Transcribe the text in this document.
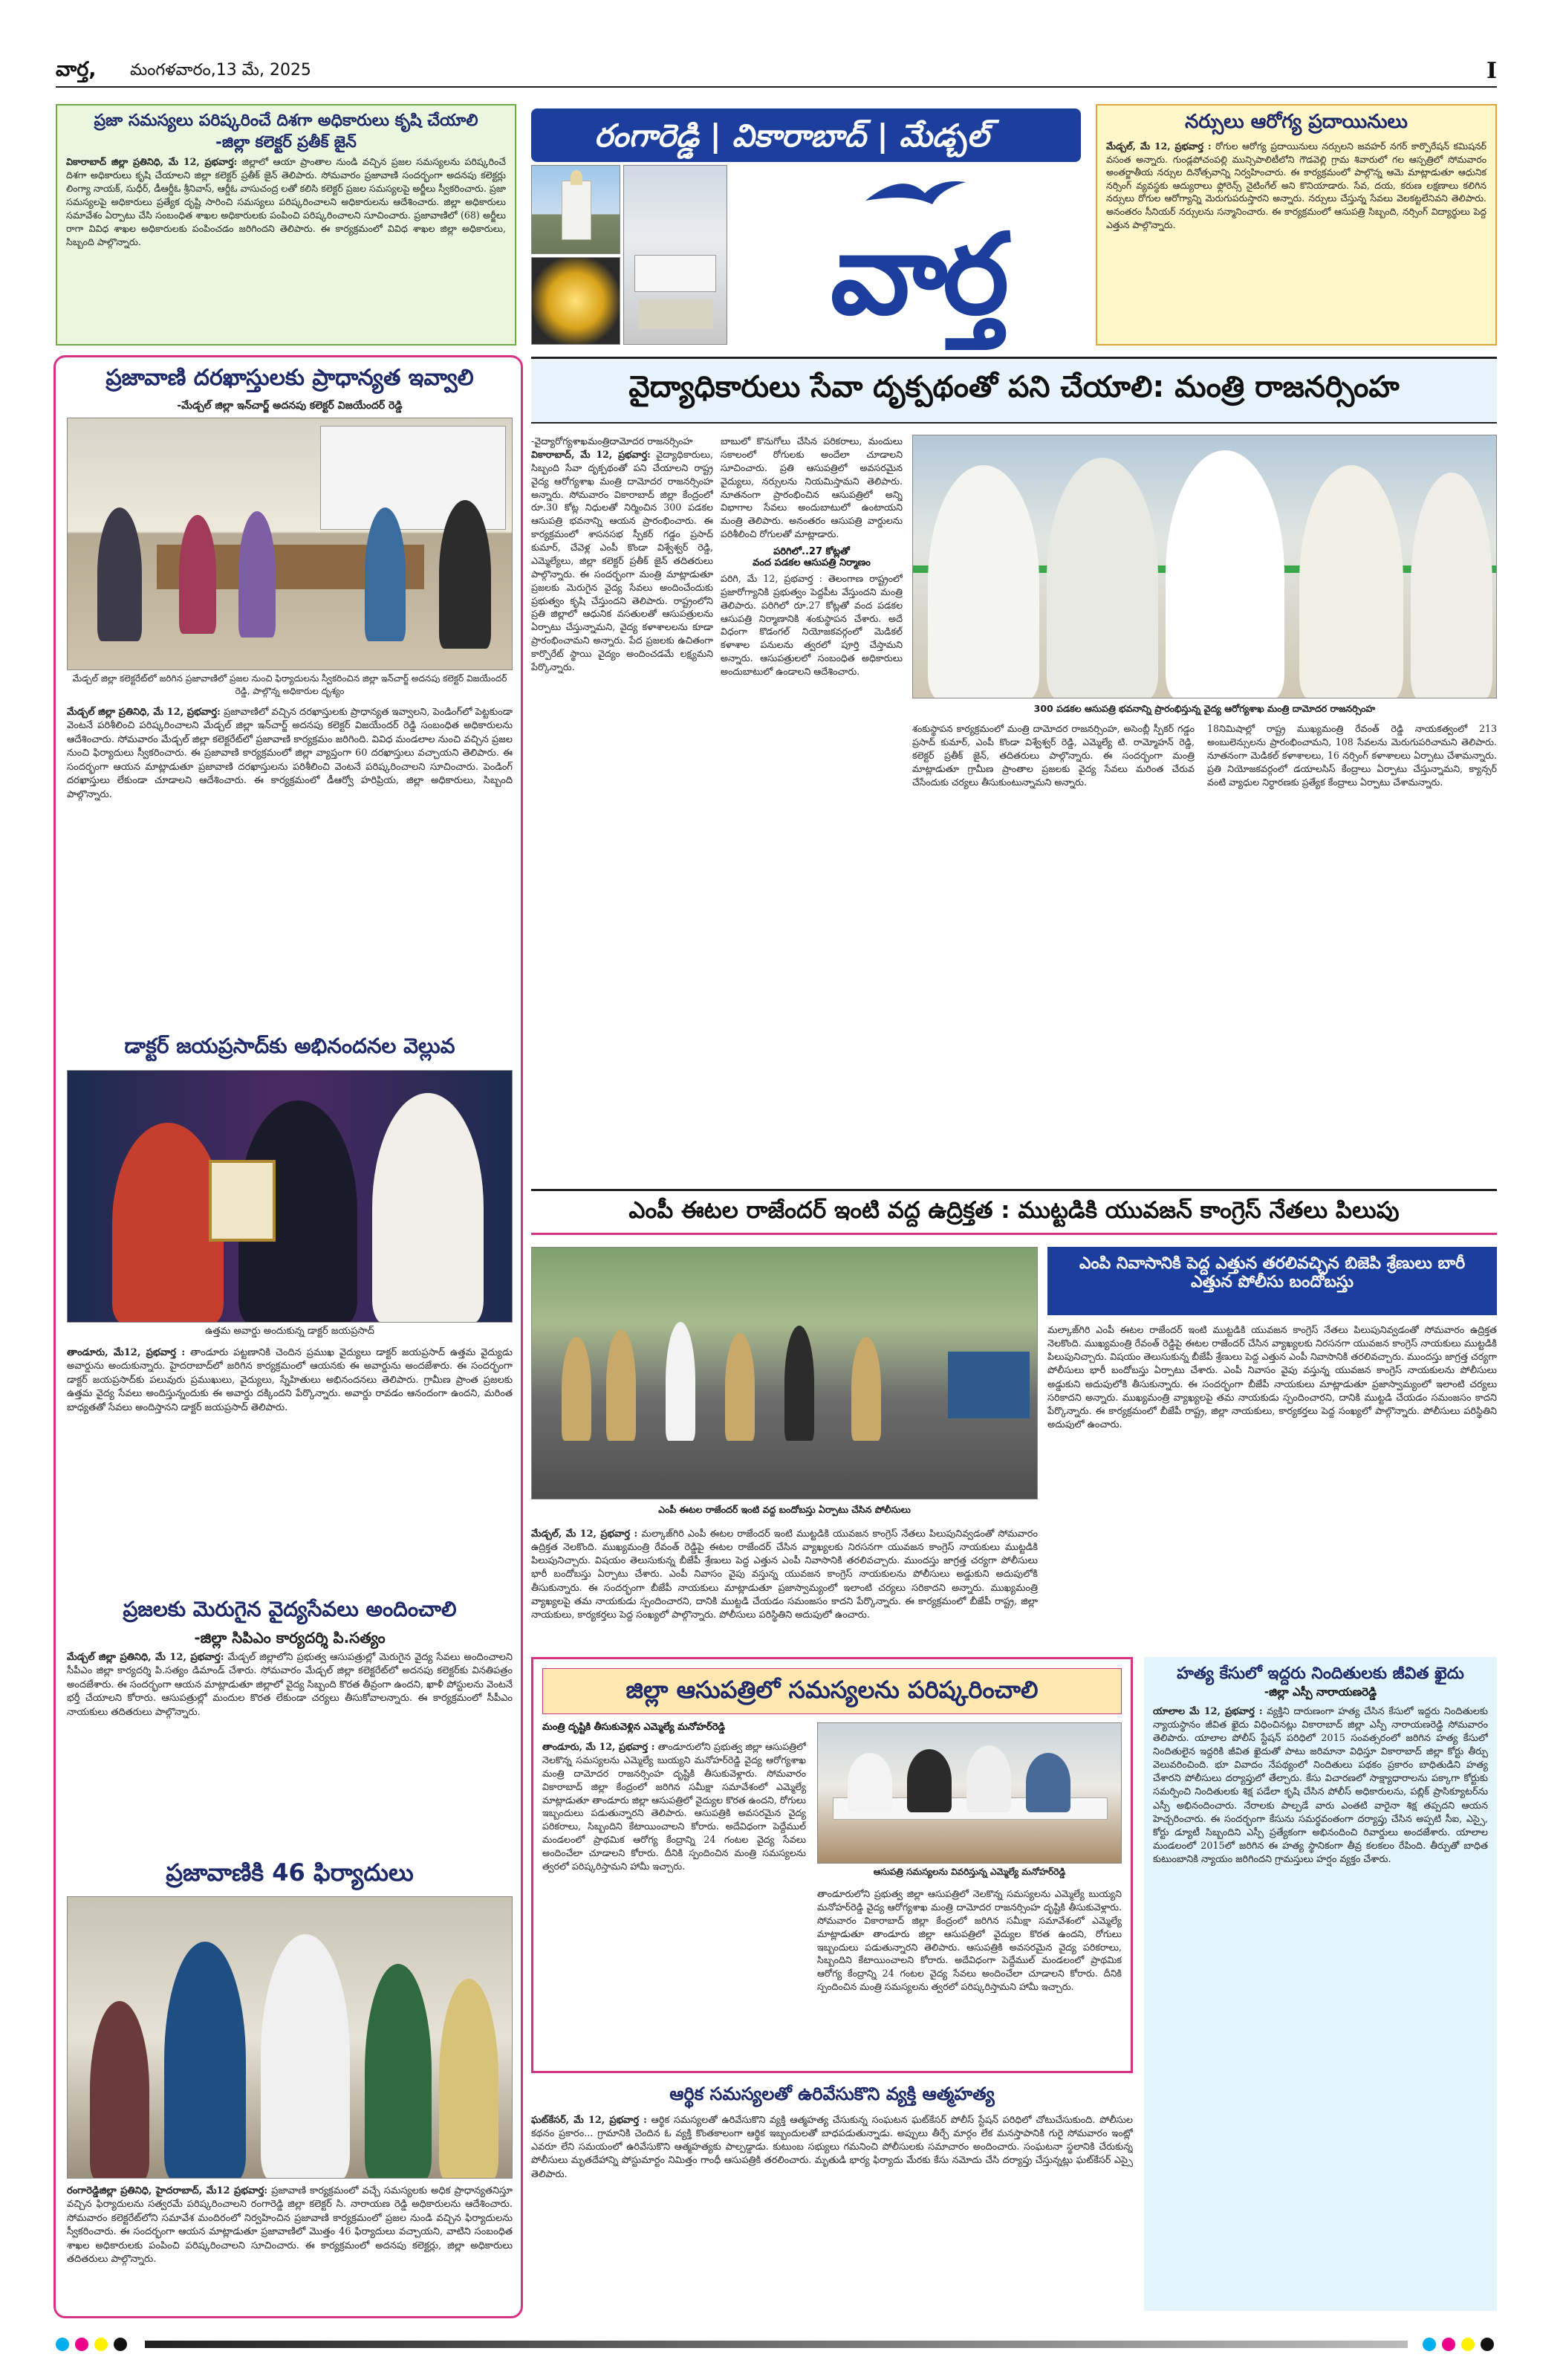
వార్త, మంగళవారం,13 మే, 2025	I
ప్రజా సమస్యలు పరిష్కరించే దిశగా అధికారులు కృషి చేయాలి

-జిల్లా కలెక్టర్ ప్రతీక్ జైన్

వికారాబాద్ జిల్లా ప్రతినిధి, మే 12, ప్రభవార్త: జిల్లాలో ఆయా ప్రాంతాల నుండి వచ్చిన ప్రజల సమస్యలను పరిష్కరించే దిశగా అధికారులు కృషి చేయాలని జిల్లా కలెక్టర్ ప్రతీక్ జైన్ తెలిపారు. సోమవారం ప్రజావాణి సందర్భంగా అదనపు కలెక్టర్లు లింగ్యా నాయక్, సుధీర్, డీఆర్డీఓ శ్రీనివాస్, ఆర్డీఓ వాసుచంద్ర లతో కలిసి కలెక్టర్ ప్రజల సమస్యలపై అర్జీలు స్వీకరించారు. ప్రజా సమస్యలపై అధికారులు ప్రత్యేక దృష్టి సారించి సమస్యలు పరిష్కరించాలని అధికారులను ఆదేశించారు. జిల్లా అధికారులు సమావేశం ఏర్పాటు చేసి సంబంధిత శాఖల అధికారులకు పంపించి పరిష్కరించాలని సూచించారు. ప్రజావాణిలో (68) అర్జీలు రాగా వివిధ శాఖల అధికారులకు పంపించడం జరిగిందని తెలిపారు. ఈ కార్యక్రమంలో వివిధ శాఖల జిల్లా అధికారులు, సిబ్బంది పాల్గొన్నారు.

రంగారెడ్డి | వికారాబాద్ | మేడ్చల్
వార్త
నర్సులు ఆరోగ్య ప్రదాయినులు

మేడ్చల్, మే 12, ప్రభవార్త : రోగుల ఆరోగ్య ప్రదాయినులు నర్సులని జవహర్ నగర్ కార్పొరేషన్ కమిషనర్ వసంత అన్నారు. గుండ్లపోచంపల్లి మున్సిపాలిటీలోని గౌడవెల్లి గ్రామ శివారులో గల ఆస్పత్రిలో సోమవారం అంతర్జాతీయ నర్సుల దినోత్సవాన్ని నిర్వహించారు. ఈ కార్యక్రమంలో పాల్గొన్న ఆమె మాట్లాడుతూ ఆధునిక నర్సింగ్ వ్యవస్థకు ఆద్యురాలు ఫ్లోరెన్స్ నైటింగేల్ అని కొనియాడారు. సేవ, దయ, కరుణ లక్షణాలు కలిగిన నర్సులు రోగుల ఆరోగ్యాన్ని మెరుగుపరుస్తారని అన్నారు. నర్సులు చేస్తున్న సేవలు వెలకట్టలేనివని తెలిపారు. అనంతరం సీనియర్ నర్సులను సన్మానించారు. ఈ కార్యక్రమంలో ఆసుపత్రి సిబ్బంది, నర్సింగ్ విద్యార్థులు పెద్ద ఎత్తున పాల్గొన్నారు.

ప్రజావాణి దరఖాస్తులకు ప్రాధాన్యత ఇవ్వాలి

-మేడ్చల్ జిల్లా ఇన్‌చార్జ్ అదనపు కలెక్టర్ విజయేందర్ రెడ్డి

మేడ్చల్ జిల్లా కలెక్టరేట్‌లో జరిగిన ప్రజావాణిలో ప్రజల నుంచి ఫిర్యాదులను స్వీకరించిన జిల్లా ఇన్‌చార్జ్ అదనపు కలెక్టర్ విజయేందర్ రెడ్డి, పాల్గొన్న అధికారుల దృశ్యం

మేడ్చల్ జిల్లా ప్రతినిధి, మే 12, ప్రభవార్త: ప్రజావాణిలో వచ్చిన దరఖాస్తులకు ప్రాధాన్యత ఇవ్వాలని, పెండింగ్‌లో పెట్టకుండా వెంటనే పరిశీలించి పరిష్కరించాలని మేడ్చల్ జిల్లా ఇన్‌చార్జ్ అదనపు కలెక్టర్ విజయేందర్ రెడ్డి సంబంధిత అధికారులను ఆదేశించారు. సోమవారం మేడ్చల్ జిల్లా కలెక్టరేట్‌లో ప్రజావాణి కార్యక్రమం జరిగింది. వివిధ మండలాల నుంచి వచ్చిన ప్రజల నుంచి ఫిర్యాదులు స్వీకరించారు. ఈ ప్రజావాణి కార్యక్రమంలో జిల్లా వ్యాప్తంగా 60 దరఖాస్తులు వచ్చాయని తెలిపారు. ఈ సందర్భంగా ఆయన మాట్లాడుతూ ప్రజావాణి దరఖాస్తులను పరిశీలించి వెంటనే పరిష్కరించాలని సూచించారు. పెండింగ్ దరఖాస్తులు లేకుండా చూడాలని ఆదేశించారు. ఈ కార్యక్రమంలో డీఆర్వో హరిప్రియ, జిల్లా అధికారులు, సిబ్బంది పాల్గొన్నారు.

డాక్టర్ జయప్రసాద్‌కు అభినందనల వెల్లువ

ఉత్తమ అవార్డు అందుకున్న డాక్టర్ జయప్రసాద్

తాండూరు, మే12, ప్రభవార్త : తాండూరు పట్టణానికి చెందిన ప్రముఖ వైద్యులు డాక్టర్ జయప్రసాద్ ఉత్తమ వైద్యుడు అవార్డును అందుకున్నారు. హైదరాబాద్‌లో జరిగిన కార్యక్రమంలో ఆయనకు ఈ అవార్డును అందజేశారు. ఈ సందర్భంగా డాక్టర్ జయప్రసాద్‌కు పలువురు ప్రముఖులు, వైద్యులు, స్నేహితులు అభినందనలు తెలిపారు. గ్రామీణ ప్రాంత ప్రజలకు ఉత్తమ వైద్య సేవలు అందిస్తున్నందుకు ఈ అవార్డు దక్కిందని పేర్కొన్నారు. అవార్డు రావడం ఆనందంగా ఉందని, మరింత బాధ్యతతో సేవలు అందిస్తానని డాక్టర్ జయప్రసాద్ తెలిపారు.

ప్రజలకు మెరుగైన వైద్యసేవలు అందించాలి

-జిల్లా సిపిఎం కార్యదర్శి పి.సత్యం

మేడ్చల్ జిల్లా ప్రతినిధి, మే 12, ప్రభవార్త: మేడ్చల్ జిల్లాలోని ప్రభుత్వ ఆసుపత్రుల్లో మెరుగైన వైద్య సేవలు అందించాలని సీపీఎం జిల్లా కార్యదర్శి పి.సత్యం డిమాండ్ చేశారు. సోమవారం మేడ్చల్ జిల్లా కలెక్టరేట్‌లో అదనపు కలెక్టర్‌కు వినతిపత్రం అందజేశారు. ఈ సందర్భంగా ఆయన మాట్లాడుతూ జిల్లాలో వైద్య సిబ్బంది కొరత తీవ్రంగా ఉందని, ఖాళీ పోస్టులను వెంటనే భర్తీ చేయాలని కోరారు. ఆసుపత్రుల్లో మందుల కొరత లేకుండా చర్యలు తీసుకోవాలన్నారు. ఈ కార్యక్రమంలో సీపీఎం నాయకులు తదితరులు పాల్గొన్నారు.

ప్రజావాణికి 46 ఫిర్యాదులు

రంగారెడ్డిజిల్లా ప్రతినిధి, హైదరాబాద్, మే12 ప్రభవార్త: ప్రజావాణి కార్యక్రమంలో వచ్చే సమస్యలకు అధిక ప్రాధాన్యతనిస్తూ వచ్చిన ఫిర్యాదులను సత్వరమే పరిష్కరించాలని రంగారెడ్డి జిల్లా కలెక్టర్ సి. నారాయణ రెడ్డి అధికారులను ఆదేశించారు. సోమవారం కలెక్టరేట్‌లోని సమావేశ మందిరంలో నిర్వహించిన ప్రజావాణి కార్యక్రమంలో ప్రజల నుండి వచ్చిన ఫిర్యాదులను స్వీకరించారు. ఈ సందర్భంగా ఆయన మాట్లాడుతూ ప్రజావాణిలో మొత్తం 46 ఫిర్యాదులు వచ్చాయని, వాటిని సంబంధిత శాఖల అధికారులకు పంపించి పరిష్కరించాలని సూచించారు. ఈ కార్యక్రమంలో అదనపు కలెక్టర్లు, జిల్లా అధికారులు తదితరులు పాల్గొన్నారు.

వైద్యాధికారులు సేవా దృక్పథంతో పని చేయాలి: మంత్రి రాజనర్సింహ

-వైద్యారోగ్యశాఖమంత్రిదామోదర రాజనర్సింహ
వికారాబాద్, మే 12, ప్రభవార్త: వైద్యాధికారులు, సిబ్బంది సేవా దృక్పథంతో పని చేయాలని రాష్ట్ర వైద్య ఆరోగ్యశాఖ మంత్రి దామోదర రాజనర్సింహ అన్నారు. సోమవారం వికారాబాద్ జిల్లా కేంద్రంలో రూ.30 కోట్ల నిధులతో నిర్మించిన 300 పడకల ఆసుపత్రి భవనాన్ని ఆయన ప్రారంభించారు. ఈ కార్యక్రమంలో శాసనసభ స్పీకర్ గడ్డం ప్రసాద్ కుమార్, చేవెళ్ల ఎంపీ కొండా విశ్వేశ్వర్ రెడ్డి, ఎమ్మెల్యేలు, జిల్లా కలెక్టర్ ప్రతీక్ జైన్ తదితరులు పాల్గొన్నారు. ఈ సందర్భంగా మంత్రి మాట్లాడుతూ ప్రజలకు మెరుగైన వైద్య సేవలు అందించేందుకు ప్రభుత్వం కృషి చేస్తుందని తెలిపారు. రాష్ట్రంలోని ప్రతి జిల్లాలో ఆధునిక వసతులతో ఆసుపత్రులను ఏర్పాటు చేస్తున్నామని, వైద్య కళాశాలలను కూడా ప్రారంభించామని అన్నారు. పేద ప్రజలకు ఉచితంగా కార్పొరేట్ స్థాయి వైద్యం అందించడమే లక్ష్యమని పేర్కొన్నారు.

బాబులో కొనుగోలు చేసిన పరికరాలు, మందులు సకాలంలో రోగులకు అందేలా చూడాలని సూచించారు. ప్రతి ఆసుపత్రిలో అవసరమైన వైద్యులు, నర్సులను నియమిస్తామని తెలిపారు. నూతనంగా ప్రారంభించిన ఆసుపత్రిలో అన్ని విభాగాల సేవలు అందుబాటులో ఉంటాయని మంత్రి తెలిపారు. అనంతరం ఆసుపత్రి వార్డులను పరిశీలించి రోగులతో మాట్లాడారు.

పరిగిలో..27 కోట్లతో

వంద పడకల ఆసుపత్రి నిర్మాణం

పరిగి, మే 12, ప్రభవార్త : తెలంగాణ రాష్ట్రంలో ప్రజారోగ్యానికి ప్రభుత్వం పెద్దపీట వేస్తుందని మంత్రి తెలిపారు. పరిగిలో రూ.27 కోట్లతో వంద పడకల ఆసుపత్రి నిర్మాణానికి శంకుస్థాపన చేశారు. అదే విధంగా కొడంగల్ నియోజకవర్గంలో మెడికల్ కళాశాల పనులను త్వరలో పూర్తి చేస్తామని అన్నారు. ఆసుపత్రులలో సంబంధిత అధికారులు అందుబాటులో ఉండాలని ఆదేశించారు.

300 పడకల ఆసుపత్రి భవనాన్ని ప్రారంభిస్తున్న వైద్య ఆరోగ్యశాఖ మంత్రి దామోదర రాజనర్సింహ

శంకుస్థాపన కార్యక్రమంలో మంత్రి దామోదర రాజనర్సింహ, అసెంబ్లీ స్పీకర్ గడ్డం ప్రసాద్ కుమార్, ఎంపీ కొండా విశ్వేశ్వర్ రెడ్డి, ఎమ్మెల్యే టి. రామ్మోహన్ రెడ్డి, కలెక్టర్ ప్రతీక్ జైన్, తదితరులు పాల్గొన్నారు. ఈ సందర్భంగా మంత్రి మాట్లాడుతూ గ్రామీణ ప్రాంతాల ప్రజలకు వైద్య సేవలు మరింత చేరువ చేసేందుకు చర్యలు తీసుకుంటున్నామని అన్నారు.

18నిమిషాల్లో రాష్ట్ర ముఖ్యమంత్రి రేవంత్ రెడ్డి నాయకత్వంలో 213 అంబులెన్సులను ప్రారంభించామని, 108 సేవలను మెరుగుపరిచామని తెలిపారు. నూతనంగా మెడికల్ కళాశాలలు, 16 నర్సింగ్ కళాశాలలు ఏర్పాటు చేశామన్నారు. ప్రతి నియోజకవర్గంలో డయాలసిస్ కేంద్రాలు ఏర్పాటు చేస్తున్నామని, క్యాన్సర్ వంటి వ్యాధుల నిర్ధారణకు ప్రత్యేక కేంద్రాలు ఏర్పాటు చేశామన్నారు.

ఎంపీ ఈటల రాజేందర్ ఇంటి వద్ద ఉద్రిక్తత : ముట్టడికి యువజన్ కాంగ్రెస్ నేతలు పిలుపు

ఎంపీ ఈటల రాజేందర్ ఇంటి వద్ద బందోబస్తు ఏర్పాటు చేసిన పోలీసులు

ఎంపి నివాసానికి పెద్ద ఎత్తున తరలివచ్చిన బిజెపి శ్రేణులు బారీ ఎత్తున పోలీసు బందోబస్తు

మల్కాజ్‌గిరి ఎంపీ ఈటల రాజేందర్ ఇంటి ముట్టడికి యువజన కాంగ్రెస్ నేతలు పిలుపునివ్వడంతో సోమవారం ఉద్రిక్తత నెలకొంది. ముఖ్యమంత్రి రేవంత్ రెడ్డిపై ఈటల రాజేందర్ చేసిన వ్యాఖ్యలకు నిరసనగా యువజన కాంగ్రెస్ నాయకులు ముట్టడికి పిలుపునిచ్చారు. విషయం తెలుసుకున్న బీజేపీ శ్రేణులు పెద్ద ఎత్తున ఎంపీ నివాసానికి తరలివచ్చారు. ముందస్తు జాగ్రత్త చర్యగా పోలీసులు భారీ బందోబస్తు ఏర్పాటు చేశారు. ఎంపీ నివాసం వైపు వస్తున్న యువజన కాంగ్రెస్ నాయకులను పోలీసులు అడ్డుకుని అదుపులోకి తీసుకున్నారు. ఈ సందర్భంగా బీజేపీ నాయకులు మాట్లాడుతూ ప్రజాస్వామ్యంలో ఇలాంటి చర్యలు సరికాదని అన్నారు. ముఖ్యమంత్రి వ్యాఖ్యలపై తమ నాయకుడు స్పందించారని, దానికి ముట్టడి చేయడం సమంజసం కాదని పేర్కొన్నారు. ఈ కార్యక్రమంలో బీజేపీ రాష్ట్ర, జిల్లా నాయకులు, కార్యకర్తలు పెద్ద సంఖ్యలో పాల్గొన్నారు. పోలీసులు పరిస్థితిని అదుపులో ఉంచారు.

మేడ్చల్, మే 12, ప్రభవార్త : మల్కాజ్‌గిరి ఎంపీ ఈటల రాజేందర్ ఇంటి ముట్టడికి యువజన కాంగ్రెస్ నేతలు పిలుపునివ్వడంతో సోమవారం ఉద్రిక్తత నెలకొంది. ముఖ్యమంత్రి రేవంత్ రెడ్డిపై ఈటల రాజేందర్ చేసిన వ్యాఖ్యలకు నిరసనగా యువజన కాంగ్రెస్ నాయకులు ముట్టడికి పిలుపునిచ్చారు. విషయం తెలుసుకున్న బీజేపీ శ్రేణులు పెద్ద ఎత్తున ఎంపీ నివాసానికి తరలివచ్చారు. ముందస్తు జాగ్రత్త చర్యగా పోలీసులు భారీ బందోబస్తు ఏర్పాటు చేశారు. ఎంపీ నివాసం వైపు వస్తున్న యువజన కాంగ్రెస్ నాయకులను పోలీసులు అడ్డుకుని అదుపులోకి తీసుకున్నారు. ఈ సందర్భంగా బీజేపీ నాయకులు మాట్లాడుతూ ప్రజాస్వామ్యంలో ఇలాంటి చర్యలు సరికాదని అన్నారు. ముఖ్యమంత్రి వ్యాఖ్యలపై తమ నాయకుడు స్పందించారని, దానికి ముట్టడి చేయడం సమంజసం కాదని పేర్కొన్నారు. ఈ కార్యక్రమంలో బీజేపీ రాష్ట్ర, జిల్లా నాయకులు, కార్యకర్తలు పెద్ద సంఖ్యలో పాల్గొన్నారు. పోలీసులు పరిస్థితిని అదుపులో ఉంచారు.

జిల్లా ఆసుపత్రిలో సమస్యలను పరిష్కరించాలి

మంత్రి దృష్టికి తీసుకువెళ్లిన ఎమ్మెల్యే మనోహర్‌రెడ్డి

ఆసుపత్రి సమస్యలను వివరిస్తున్న ఎమ్మెల్యే మనోహర్‌రెడ్డి

తాండూరు, మే 12, ప్రభవార్త : తాండూరులోని ప్రభుత్వ జిల్లా ఆసుపత్రిలో నెలకొన్న సమస్యలను ఎమ్మెల్యే బుయ్యని మనోహర్‌రెడ్డి వైద్య ఆరోగ్యశాఖ మంత్రి దామోదర రాజనర్సింహ దృష్టికి తీసుకువెళ్లారు. సోమవారం వికారాబాద్ జిల్లా కేంద్రంలో జరిగిన సమీక్షా సమావేశంలో ఎమ్మెల్యే మాట్లాడుతూ తాండూరు జిల్లా ఆసుపత్రిలో వైద్యుల కొరత ఉందని, రోగులు ఇబ్బందులు పడుతున్నారని తెలిపారు. ఆసుపత్రికి అవసరమైన వైద్య పరికరాలు, సిబ్బందిని కేటాయించాలని కోరారు. అదేవిధంగా పెద్దేముల్ మండలంలో ప్రాథమిక ఆరోగ్య కేంద్రాన్ని 24 గంటల వైద్య సేవలు అందించేలా చూడాలని కోరారు. దీనికి స్పందించిన మంత్రి సమస్యలను త్వరలో పరిష్కరిస్తామని హామీ ఇచ్చారు.

తాండూరులోని ప్రభుత్వ జిల్లా ఆసుపత్రిలో నెలకొన్న సమస్యలను ఎమ్మెల్యే బుయ్యని మనోహర్‌రెడ్డి వైద్య ఆరోగ్యశాఖ మంత్రి దామోదర రాజనర్సింహ దృష్టికి తీసుకువెళ్లారు. సోమవారం వికారాబాద్ జిల్లా కేంద్రంలో జరిగిన సమీక్షా సమావేశంలో ఎమ్మెల్యే మాట్లాడుతూ తాండూరు జిల్లా ఆసుపత్రిలో వైద్యుల కొరత ఉందని, రోగులు ఇబ్బందులు పడుతున్నారని తెలిపారు. ఆసుపత్రికి అవసరమైన వైద్య పరికరాలు, సిబ్బందిని కేటాయించాలని కోరారు. అదేవిధంగా పెద్దేముల్ మండలంలో ప్రాథమిక ఆరోగ్య కేంద్రాన్ని 24 గంటల వైద్య సేవలు అందించేలా చూడాలని కోరారు. దీనికి స్పందించిన మంత్రి సమస్యలను త్వరలో పరిష్కరిస్తామని హామీ ఇచ్చారు.

ఆర్థిక సమస్యలతో ఉరివేసుకొని వ్యక్తి ఆత్మహత్య

ఘట్‌కేసర్, మే 12, ప్రభవార్త : ఆర్థిక సమస్యలతో ఉరివేసుకొని వ్యక్తి ఆత్మహత్య చేసుకున్న సంఘటన ఘట్‌కేసర్ పోలీస్ స్టేషన్ పరిధిలో చోటుచేసుకుంది. పోలీసుల కథనం ప్రకారం... గ్రామానికి చెందిన ఓ వ్యక్తి కొంతకాలంగా ఆర్థిక ఇబ్బందులతో బాధపడుతున్నాడు. అప్పులు తీర్చే మార్గం లేక మనస్తాపానికి గురై సోమవారం ఇంట్లో ఎవరూ లేని సమయంలో ఉరివేసుకొని ఆత్మహత్యకు పాల్పడ్డాడు. కుటుంబ సభ్యులు గమనించి పోలీసులకు సమాచారం అందించారు. సంఘటనా స్థలానికి చేరుకున్న పోలీసులు మృతదేహాన్ని పోస్టుమార్టం నిమిత్తం గాంధీ ఆసుపత్రికి తరలించారు. మృతుడి భార్య ఫిర్యాదు మేరకు కేసు నమోదు చేసి దర్యాప్తు చేస్తున్నట్లు ఘట్‌కేసర్ ఎస్సై తెలిపారు.

హత్య కేసులో ఇద్దరు నిందితులకు జీవిత ఖైదు

-జిల్లా ఎస్పీ నారాయణరెడ్డి

యాలాల మే 12, ప్రభవార్త : వ్యక్తిని దారుణంగా హత్య చేసిన కేసులో ఇద్దరు నిందితులకు న్యాయస్థానం జీవిత ఖైదు విధించినట్లు వికారాబాద్ జిల్లా ఎస్పీ నారాయణరెడ్డి సోమవారం తెలిపారు. యాలాల పోలీస్ స్టేషన్ పరిధిలో 2015 సంవత్సరంలో జరిగిన హత్య కేసులో నిందితులైన ఇద్దరికి జీవిత ఖైదుతో పాటు జరిమానా విధిస్తూ వికారాబాద్ జిల్లా కోర్టు తీర్పు వెలువరించింది. భూ వివాదం నేపథ్యంలో నిందితులు పథకం ప్రకారం బాధితుడిని హత్య చేశారని పోలీసులు దర్యాప్తులో తేల్చారు. కేసు విచారణలో సాక్ష్యాధారాలను పక్కాగా కోర్టుకు సమర్పించి నిందితులకు శిక్ష పడేలా కృషి చేసిన పోలీస్ అధికారులను, పబ్లిక్ ప్రాసిక్యూటర్‌ను ఎస్పీ అభినందించారు. నేరాలకు పాల్పడే వారు ఎంతటి వారైనా శిక్ష తప్పదని ఆయన హెచ్చరించారు. ఈ సందర్భంగా కేసును సమర్థవంతంగా దర్యాప్తు చేసిన అప్పటి సీఐ, ఎస్సై, కోర్టు డ్యూటీ సిబ్బందిని ఎస్పీ ప్రత్యేకంగా అభినందించి రివార్డులు అందజేశారు. యాలాల మండలంలో 2015లో జరిగిన ఈ హత్య స్థానికంగా తీవ్ర కలకలం రేపింది. తీర్పుతో బాధిత కుటుంబానికి న్యాయం జరిగిందని గ్రామస్తులు హర్షం వ్యక్తం చేశారు.
